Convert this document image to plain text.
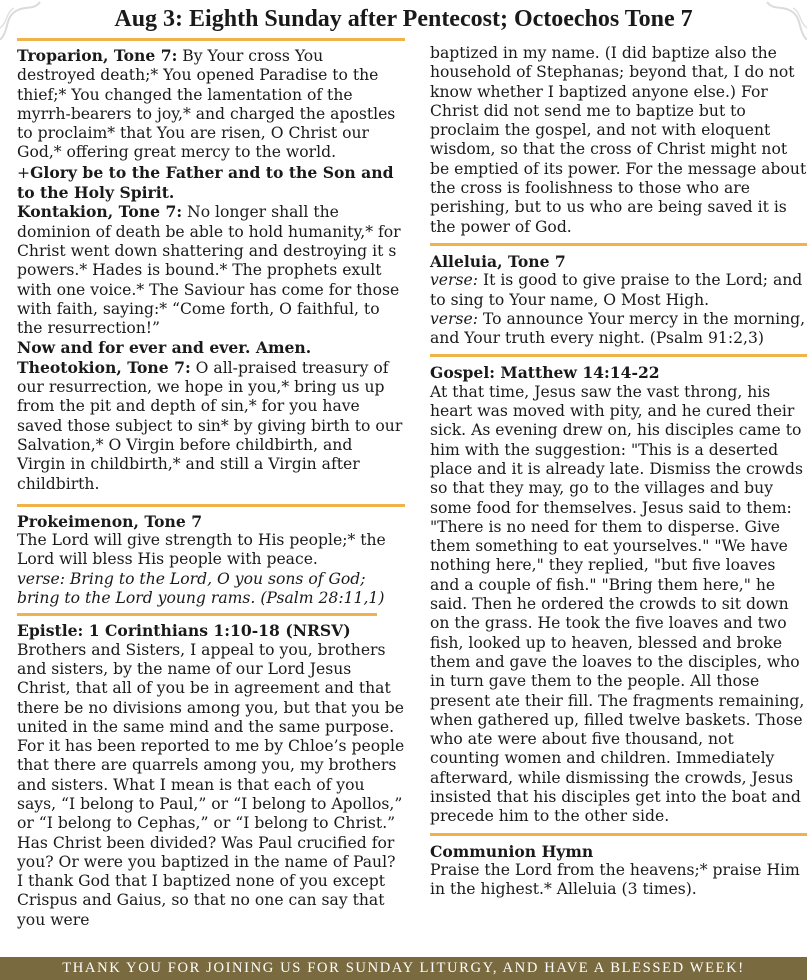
Aug 3: Eighth Sunday after Pentecost; Octoechos Tone 7

Troparion, Tone 7: By Your cross You destroyed death;* You opened Paradise to the thief;* You changed the lamentation of the myrrh-bearers to joy,* and charged the apostles to proclaim* that You are risen, O Christ our God,* offering great mercy to the world.

+Glory be to the Father and to the Son and to the Holy Spirit.

Kontakion, Tone 7: No longer shall the dominion of death be able to hold humanity,* for Christ went down shattering and destroying it s powers.* Hades is bound.* The prophets exult with one voice.* The Saviour has come for those with faith, saying:* “Come forth, O faithful, to the resurrection!”

Now and for ever and ever. Amen.

Theotokion, Tone 7: O all-praised treasury of our resurrection, we hope in you,* bring us up from the pit and depth of sin,* for you have saved those subject to sin* by giving birth to our Salvation,* O Virgin before childbirth, and Virgin in childbirth,* and still a Virgin after childbirth.

Prokeimenon, Tone 7

The Lord will give strength to His people;* the Lord will bless His people with peace.

verse: Bring to the Lord, O you sons of God; bring to the Lord young rams. (Psalm 28:11,1)

Epistle: 1 Corinthians 1:10-18 (NRSV)

Brothers and Sisters, I appeal to you, brothers and sisters, by the name of our Lord Jesus Christ, that all of you be in agreement and that there be no divisions among you, but that you be united in the same mind and the same purpose. For it has been reported to me by Chloe’s people that there are quarrels among you, my brothers and sisters. What I mean is that each of you says, “I belong to Paul,” or “I belong to Apollos,” or “I belong to Cephas,” or “I belong to Christ.” Has Christ been divided? Was Paul crucified for you? Or were you baptized in the name of Paul? I thank God that I baptized none of you except Crispus and Gaius, so that no one can say that you were

baptized in my name. (I did baptize also the household of Stephanas; beyond that, I do not know whether I baptized anyone else.) For Christ did not send me to baptize but to proclaim the gospel, and not with eloquent wisdom, so that the cross of Christ might not be emptied of its power. For the message about the cross is foolishness to those who are perishing, but to us who are being saved it is the power of God.

Alleluia, Tone 7

verse: It is good to give praise to the Lord; and to sing to Your name, O Most High.

verse: To announce Your mercy in the morning, and Your truth every night. (Psalm 91:2,3)

Gospel: Matthew 14:14-22

At that time, Jesus saw the vast throng, his heart was moved with pity, and he cured their sick. As evening drew on, his disciples came to him with the suggestion: "This is a deserted place and it is already late. Dismiss the crowds so that they may, go to the villages and buy some food for themselves. Jesus said to them: "There is no need for them to disperse. Give them something to eat yourselves." "We have nothing here," they replied, "but five loaves and a couple of fish." "Bring them here," he said. Then he ordered the crowds to sit down on the grass. He took the five loaves and two fish, looked up to heaven, blessed and broke them and gave the loaves to the disciples, who in turn gave them to the people. All those present ate their fill. The fragments remaining, when gathered up, filled twelve baskets. Those who ate were about five thousand, not counting women and children. Immediately afterward, while dismissing the crowds, Jesus insisted that his disciples get into the boat and precede him to the other side.

Communion Hymn

Praise the Lord from the heavens;* praise Him in the highest.* Alleluia (3 times).

THANK YOU FOR JOINING US FOR SUNDAY LITURGY, AND HAVE A BLESSED WEEK!
